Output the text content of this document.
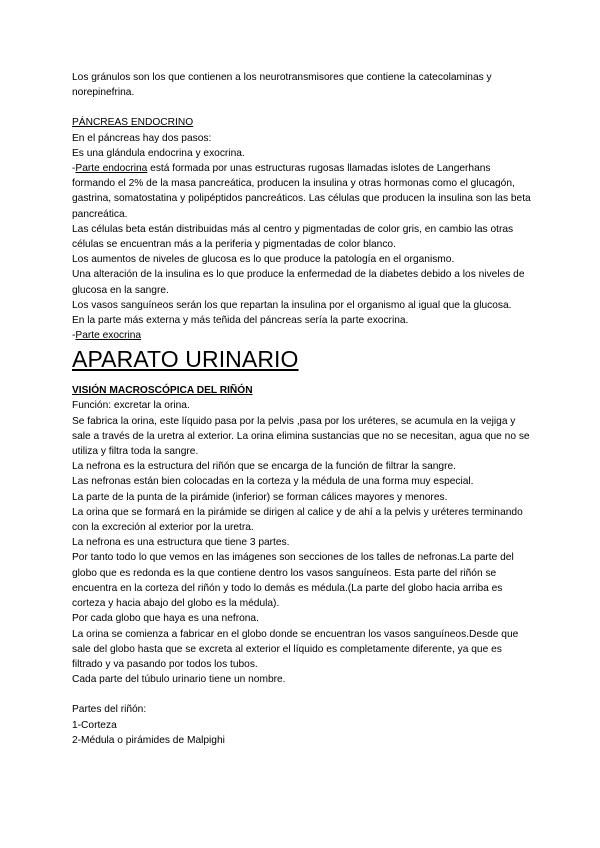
Los gránulos son los que contienen a los neurotransmisores que contiene la catecolaminas y norepinefrina.

PÁNCREAS ENDOCRINO

En el páncreas hay dos pasos:

Es una glándula endocrina y exocrina.

-Parte endocrina está formada por unas estructuras rugosas llamadas islotes de Langerhans formando el 2% de la masa pancreática, producen la insulina y otras hormonas como el glucagón, gastrina, somatostatina y polipéptidos pancreáticos. Las células que producen la insulina son las beta pancreática.

Las células beta están distribuidas más al centro y pigmentadas de color gris, en cambio las otras células se encuentran más a la periferia y pigmentadas de color blanco.

Los aumentos de niveles de glucosa es lo que produce la patología en el organismo.

Una alteración de la insulina es lo que produce la enfermedad de la diabetes debido a los niveles de glucosa en la sangre.

Los vasos sanguíneos serán los que repartan la insulina por el organismo al igual que la glucosa.

En la parte más externa y más teñida del páncreas sería la parte exocrina.

-Parte exocrina

APARATO URINARIO

VISIÓN MACROSCÓPICA DEL RIÑÓN

Función: excretar la orina.

Se fabrica la orina, este líquido pasa por la pelvis ,pasa por los uréteres, se acumula en la vejiga y sale a través de la uretra al exterior. La orina elimina sustancias que no se necesitan, agua que no se utiliza y filtra toda la sangre.

La nefrona es la estructura del riñón que se encarga de la función de filtrar la sangre.

Las nefronas están bien colocadas en la corteza y la médula de una forma muy especial.

La parte de la punta de la pirámide (inferior) se forman cálices mayores y menores.

La orina que se formará en la pirámide se dirigen al calice y de ahí a la pelvis y uréteres terminando con la excreción al exterior por la uretra.

La nefrona es una estructura que tiene 3 partes.

Por tanto todo lo que vemos en las imágenes son secciones de los talles de nefronas.La parte del globo que es redonda es la que contiene dentro los vasos sanguíneos. Esta parte del riñón se encuentra en la corteza del riñón y todo lo demás es médula.(La parte del globo hacia arriba es corteza y hacia abajo del globo es la médula).

Por cada globo que haya es una nefrona.

La orina se comienza a fabricar en el globo donde se encuentran los vasos sanguíneos.Desde que sale del globo hasta que se excreta al exterior el líquido es completamente diferente, ya que es filtrado y va pasando por todos los tubos.

Cada parte del túbulo urinario tiene un nombre.

Partes del riñón:

1-Corteza

2-Médula o pirámides de Malpighi
